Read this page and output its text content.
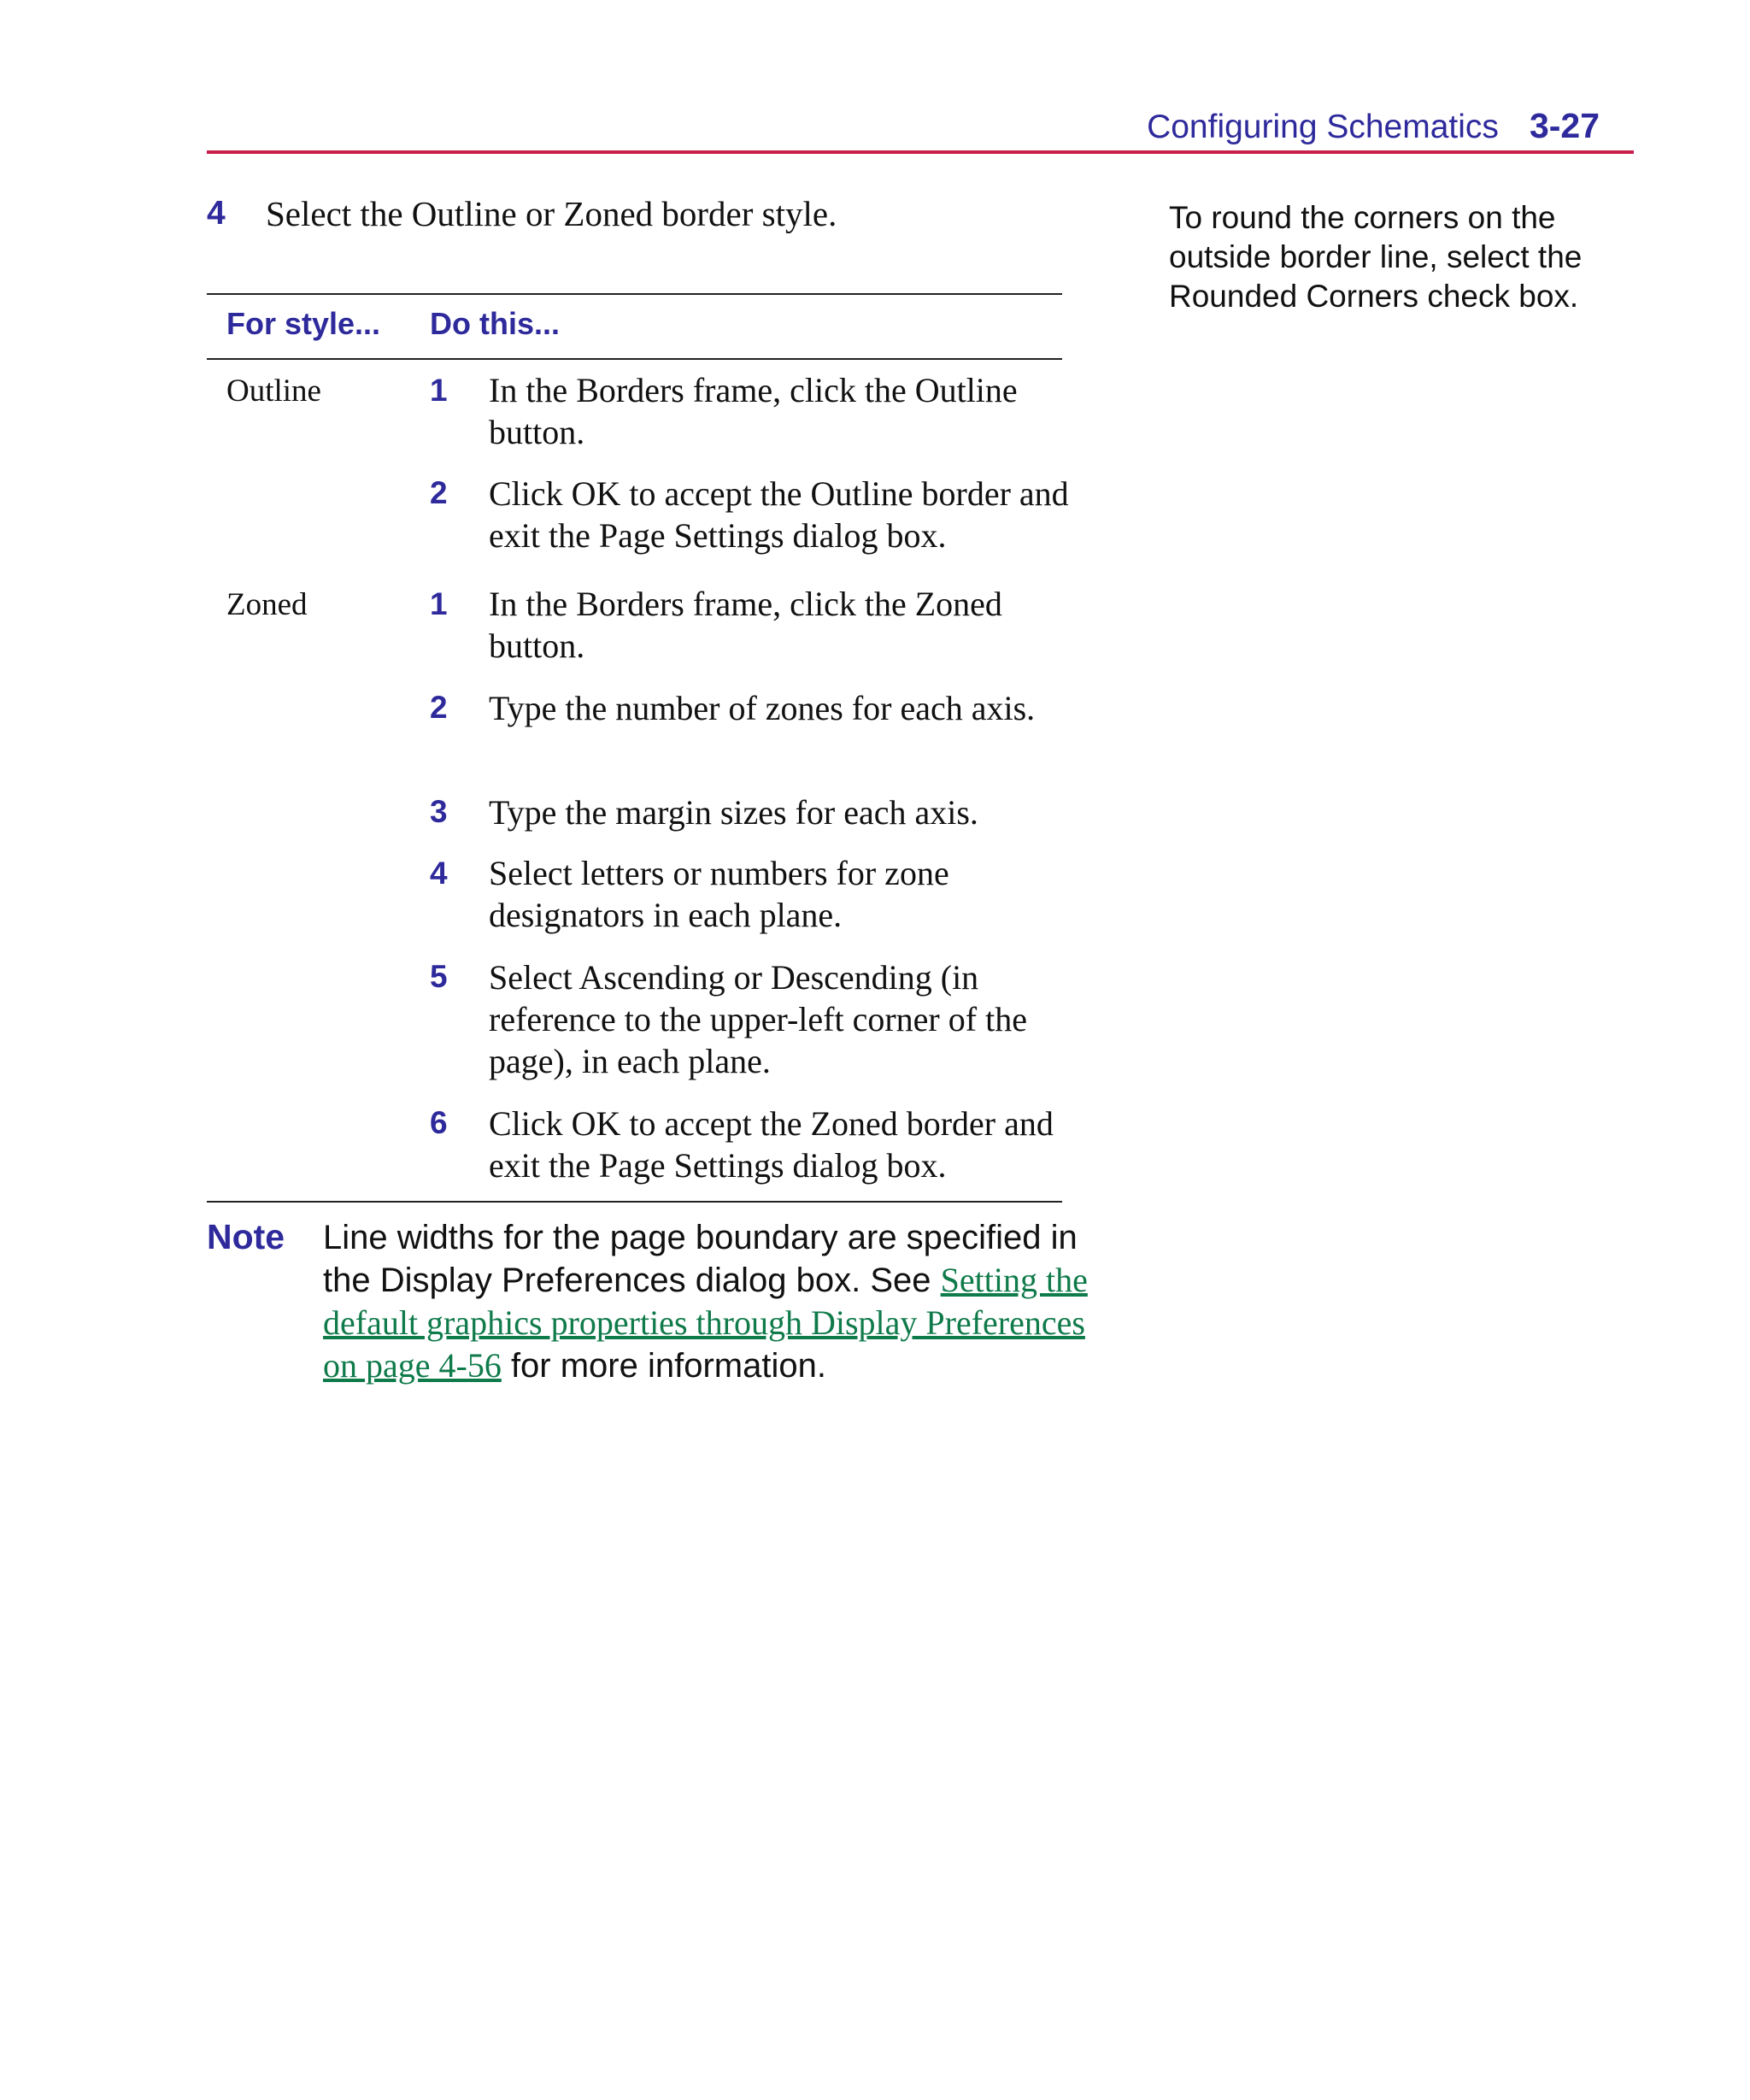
Configuring Schematics 3-27
4 Select the Outline or Zoned border style.	To round the corners on the outside border line, select the Rounded Corners check box.
For style... Do this...
Outline	1 In the Borders frame, click the Outline button.
2 Click OK to accept the Outline border and exit the Page Settings dialog box.
Zoned	1 In the Borders frame, click the Zoned button.
2 Type the number of zones for each axis.
3 Type the margin sizes for each axis.
4 Select letters or numbers for zone designators in each plane.
5 Select Ascending or Descending (in reference to the upper-left corner of the page), in each plane.
6 Click OK to accept the Zoned border and exit the Page Settings dialog box.
Note Line widths for the page boundary are specified in the Display Preferences dialog box. See Setting the default graphics properties through Display Preferences on page 4-56 for more information.
